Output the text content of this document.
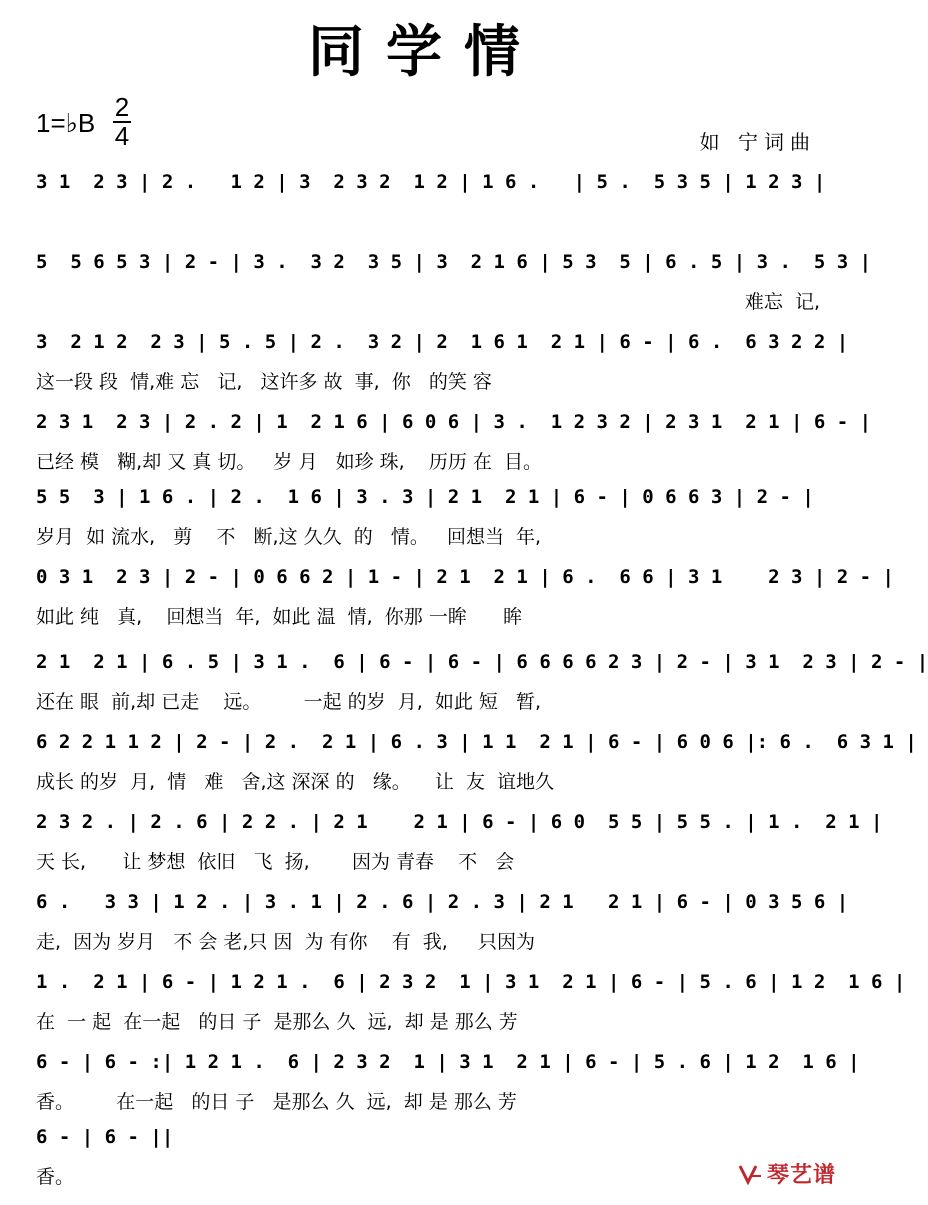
同学情
1=♭B
2
4	如 宁词曲
3 1  2 3 | 2 .   1 2 | 3  2 3 2  1 2 | 1 6 .   | 5 .  5 3 5 | 1 2 3 |
5  5 6 5 3 | 2 - | 3 .  3 2  3 5 | 3  2 1 6 | 5 3  5 | 6 . 5 | 3 .  5 3 |
难忘  记,
3  2 1 2  2 3 | 5 . 5 | 2 .  3 2 | 2  1 6 1  2 1 | 6 - | 6 .  6 3 2 2 |
这一段 段  情,难 忘   记,   这许多 故  事,  你   的笑 容
2 3 1  2 3 | 2 . 2 | 1  2 1 6 | 6 0 6 | 3 .  1 2 3 2 | 2 3 1  2 1 | 6 - |
已经 模   糊,却 又 真 切。   岁 月   如珍 珠,    历历 在  目。
5 5  3 | 1 6 . | 2 .  1 6 | 3 . 3 | 2 1  2 1 | 6 - | 0 6 6 3 | 2 - |
岁月  如 流水,   剪    不   断,这 久久  的   情。   回想当  年,
0 3 1  2 3 | 2 - | 0 6 6 2 | 1 - | 2 1  2 1 | 6 .  6 6 | 3 1    2 3 | 2 - |
如此 纯   真,    回想当  年,  如此 温  情,  你那 一眸      眸
2 1  2 1 | 6 . 5 | 3 1 .  6 | 6 - | 6 - | 6 6 6 6 2 3 | 2 - | 3 1  2 3 | 2 - |
还在 眼  前,却 已走    远。       一起 的岁  月,  如此 短   暂,
6 2 2 1 1 2 | 2 - | 2 .  2 1 | 6 . 3 | 1 1  2 1 | 6 - | 6 0 6 |: 6 .  6 3 1 |
成长 的岁  月,  情   难   舍,这 深深 的   缘。    让  友  谊地久
2 3 2 . | 2 . 6 | 2 2 . | 2 1    2 1 | 6 - | 6 0  5 5 | 5 5 . | 1 .  2 1 |
天 长,      让 梦想  依旧   飞  扬,       因为 青春    不   会
6 .   3 3 | 1 2 . | 3 . 1 | 2 . 6 | 2 . 3 | 2 1   2 1 | 6 - | 0 3 5 6 |
走,  因为 岁月   不 会 老,只 因  为 有你    有  我,     只因为
1 .  2 1 | 6 - | 1 2 1 .  6 | 2 3 2  1 | 3 1  2 1 | 6 - | 5 . 6 | 1 2  1 6 |
在  一 起  在一起   的日 子  是那么 久  远,  却 是 那么 芳
6 - | 6 - :| 1 2 1 .  6 | 2 3 2  1 | 3 1  2 1 | 6 - | 5 . 6 | 1 2  1 6 |
香。       在一起   的日 子   是那么 久  远,  却 是 那么 芳
6 - | 6 - ||
香。	琴艺谱
